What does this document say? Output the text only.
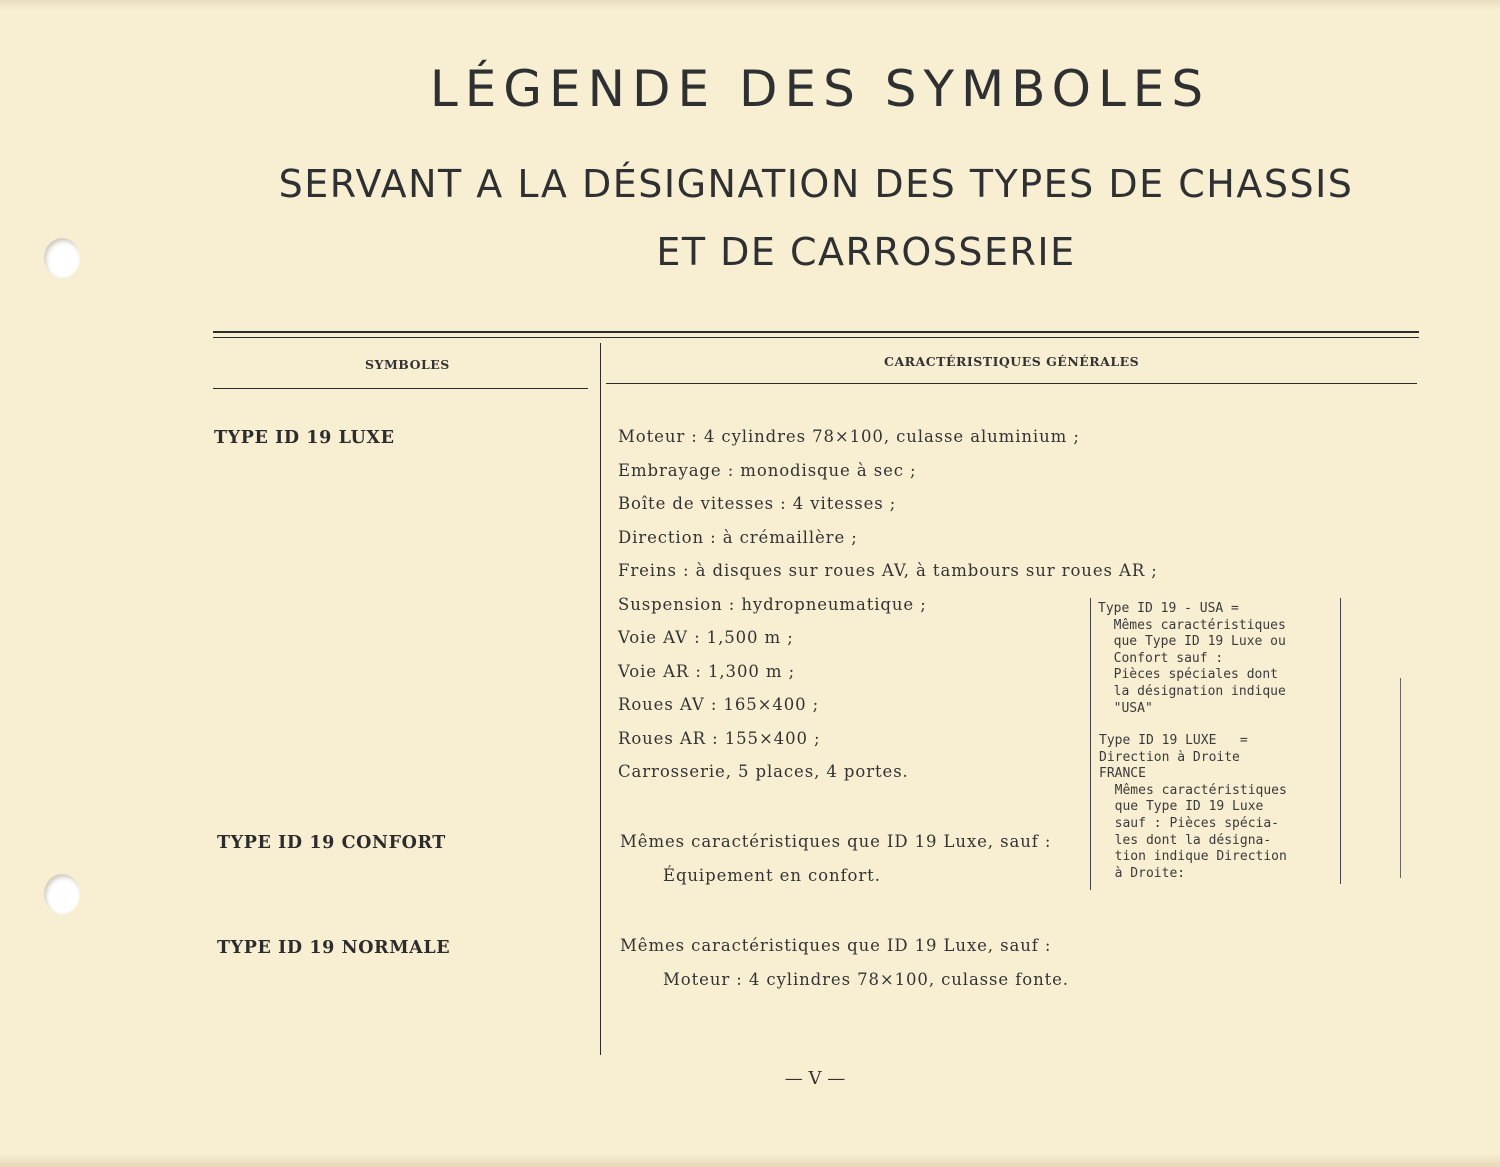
LÉGENDE DES SYMBOLES
SERVANT A LA DÉSIGNATION DES TYPES DE CHASSIS
ET DE CARROSSERIE
SYMBOLES	CARACTÉRISTIQUES GÉNÉRALES
TYPE ID 19 LUXE	Moteur : 4 cylindres 78×100, culasse aluminium ;
Embrayage : monodisque à sec ;
Boîte de vitesses : 4 vitesses ;
Direction : à crémaillère ;
Freins : à disques sur roues AV, à tambours sur roues AR ;
Suspension : hydropneumatique ;
Voie AV : 1,500 m ;
Voie AR : 1,300 m ;
Roues AV : 165×400 ;
Roues AR : 155×400 ;
Carrosserie, 5 places, 4 portes.
TYPE ID 19 CONFORT	Mêmes caractéristiques que ID 19 Luxe, sauf :
Équipement en confort.
TYPE ID 19 NORMALE	Mêmes caractéristiques que ID 19 Luxe, sauf :
Moteur : 4 cylindres 78×100, culasse fonte.
Type ID 19 - USA =
Mêmes caractéristiques
que Type ID 19 Luxe ou
Confort sauf :
Pièces spéciales dont
la désignation indique
"USA"
Type ID 19 LUXE   =
Direction à Droite
FRANCE
Mêmes caractéristiques
que Type ID 19 Luxe
sauf : Pièces spécia-
les dont la désigna-
tion indique Direction
à Droite:
— V —
